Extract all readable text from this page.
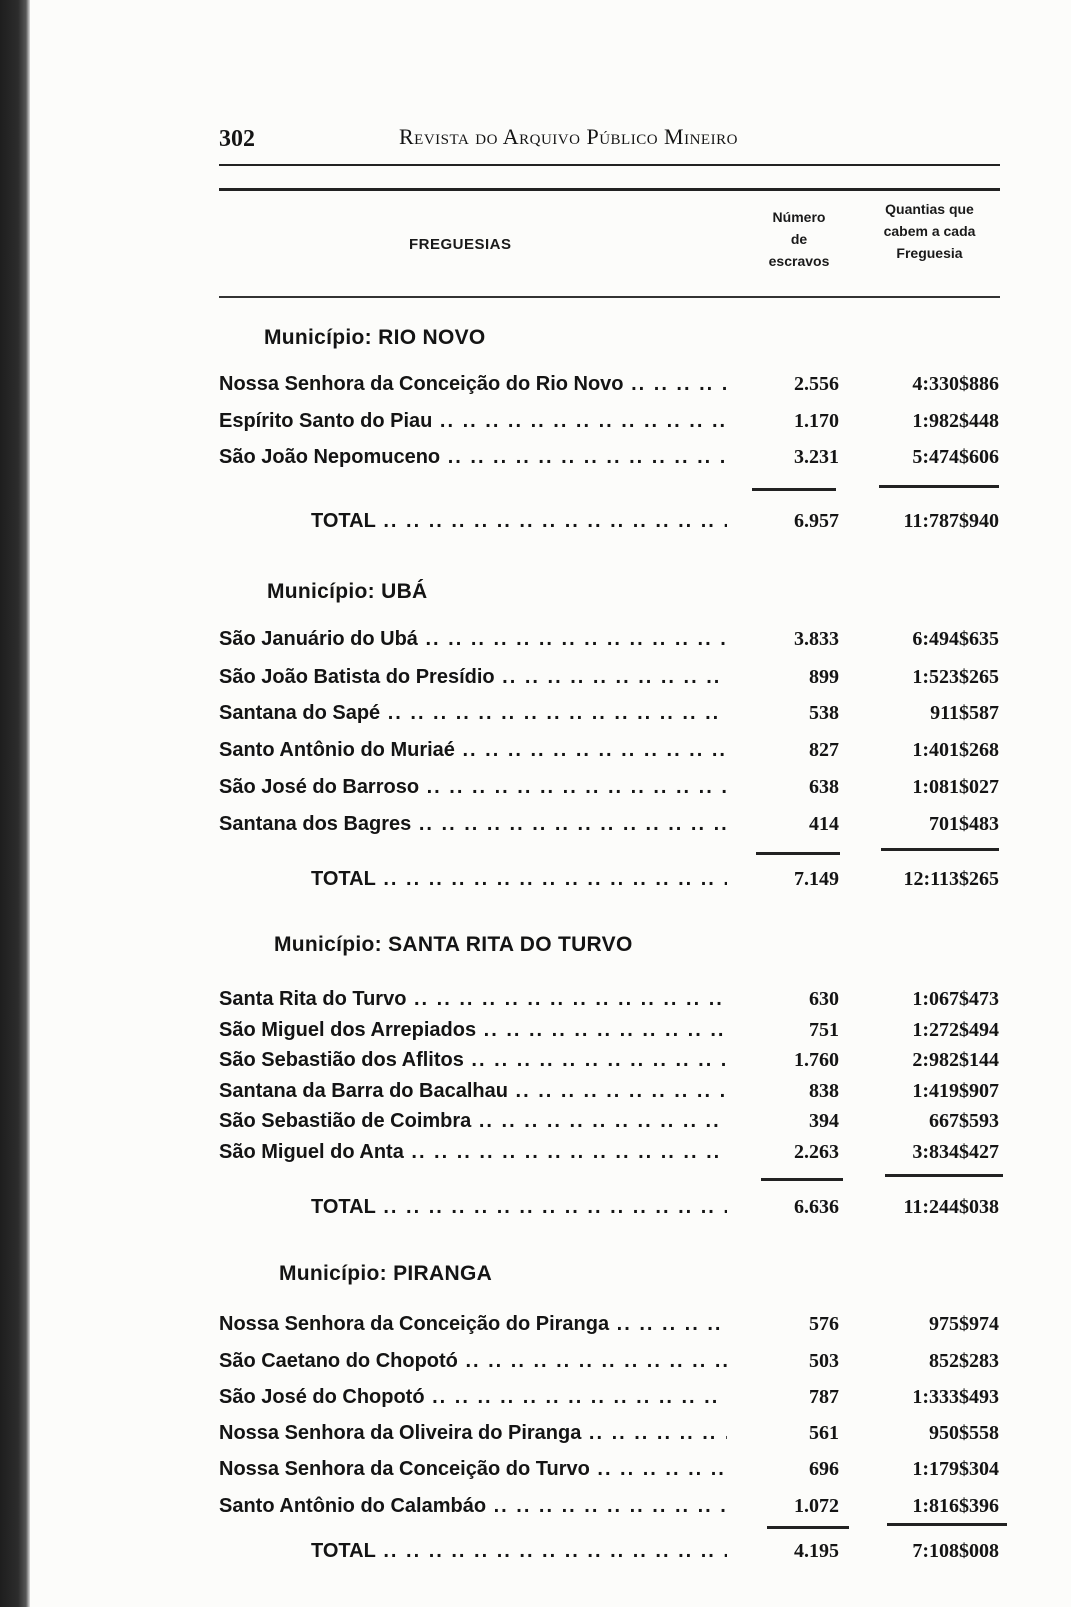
302	Revista do Arquivo Público Mineiro
FREGUESIAS
Número
de
escravos
Quantias que
cabem a cada
Freguesia
Município: RIO NOVO
Nossa Senhora da Conceição do Rio Novo .. ..	2.556	4:330$886
Espírito Santo do Piau .. ..	1.170	1:982$448
São João Nepomuceno .. ..	3.231	5:474$606
TOTAL .. ..	6.957	11:787$940
Município: UBÁ
São Januário do Ubá .. ..	3.833	6:494$635
São João Batista do Presídio .. ..	899	1:523$265
Santana do Sapé .. ..	538	911$587
Santo Antônio do Muriaé .. ..	827	1:401$268
São José do Barroso .. ..	638	1:081$027
Santana dos Bagres .. ..	414	701$483
TOTAL .. ..	7.149	12:113$265
Município: SANTA RITA DO TURVO
Santa Rita do Turvo .. ..	630	1:067$473
São Miguel dos Arrepiados .. ..	751	1:272$494
São Sebastião dos Aflitos .. ..	1.760	2:982$144
Santana da Barra do Bacalhau .. ..	838	1:419$907
São Sebastião de Coimbra .. ..	394	667$593
São Miguel do Anta .. ..	2.263	3:834$427
TOTAL .. ..	6.636	11:244$038
Município: PIRANGA
Nossa Senhora da Conceição do Piranga .. ..	576	975$974
São Caetano do Chopotó .. ..	503	852$283
São José do Chopotó .. ..	787	1:333$493
Nossa Senhora da Oliveira do Piranga .. ..	561	950$558
Nossa Senhora da Conceição do Turvo .. ..	696	1:179$304
Santo Antônio do Calambáo .. ..	1.072	1:816$396
TOTAL .. ..	4.195	7:108$008
